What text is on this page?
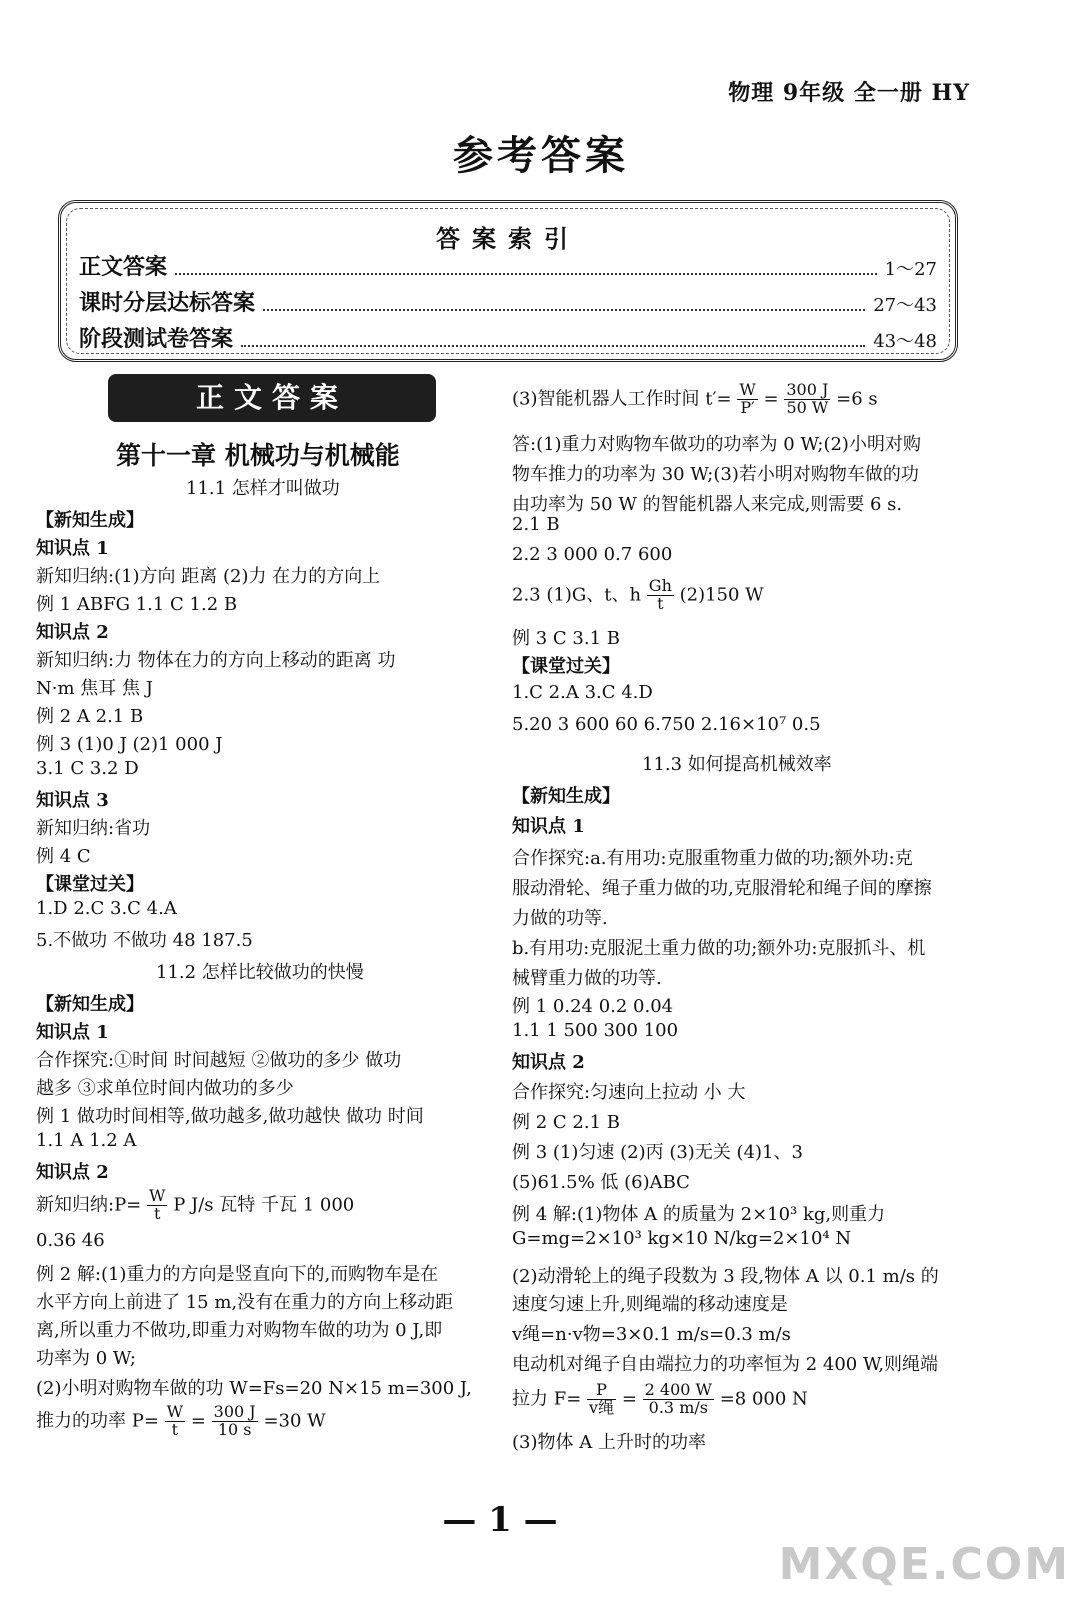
物理 9年级 全一册 HY
参考答案
答案索引
正文答案	1～27
课时分层达标答案	27～43
阶段测试卷答案	43～48
正文答案
第十一章 机械功与机械能
11.1 怎样才叫做功
【新知生成】
知识点 1
新知归纳:(1)方向 距离 (2)力 在力的方向上
例 1 ABFG 1.1 C 1.2 B
知识点 2
新知归纳:力 物体在力的方向上移动的距离 功
N·m 焦耳 焦 J
例 2 A 2.1 B
例 3 (1)0 J (2)1 000 J
3.1 C 3.2 D
知识点 3
新知归纳:省功
例 4 C
【课堂过关】
1.D 2.C 3.C 4.A
5.不做功 不做功 48 187.5
11.2 怎样比较做功的快慢
【新知生成】
知识点 1
合作探究:①时间 时间越短 ②做功的多少 做功
越多 ③求单位时间内做功的多少
例 1 做功时间相等,做功越多,做功越快 做功 时间
1.1 A 1.2 A
知识点 2
新知归纳:P= $\frac{W}{t}$ P J/s 瓦特 千瓦 1 000
0.36 46
例 2 解:(1)重力的方向是竖直向下的,而购物车是在
水平方向上前进了 15 m,没有在重力的方向上移动距
离,所以重力不做功,即重力对购物车做的功为 0 J,即
功率为 0 W;
(2)小明对购物车做的功 W=Fs=20 N×15 m=300 J,
推力的功率 $P= \frac{W}{t} = \frac{300 J}{10 s} =30$ W
(3)智能机器人工作时间 $t'= \frac{W}{P'} = \frac{300 J}{50 W} =6$ s
答:(1)重力对购物车做功的功率为 0 W;(2)小明对购
物车推力的功率为 30 W;(3)若小明对购物车做的功
由功率为 50 W 的智能机器人来完成,则需要 6 s.
2.1 B
2.2 3 000 0.7 600
2.3 (1)G、t、h $\frac{Gh}{t} (2)150$ W
例 3 C 3.1 B
【课堂过关】
1.C 2.A 3.C 4.D
5.20 3 600 60 6.750 2.16×10⁷ 0.5
11.3 如何提高机械效率
【新知生成】
知识点 1
合作探究:a.有用功:克服重物重力做的功;额外功:克
服动滑轮、绳子重力做的功,克服滑轮和绳子间的摩擦
力做的功等.
b.有用功:克服泥土重力做的功;额外功:克服抓斗、机
械臂重力做的功等.
例 1 0.24 0.2 0.04
1.1 1 500 300 100
知识点 2
合作探究:匀速向上拉动 小 大
例 2 C 2.1 B
例 3 (1)匀速 (2)丙 (3)无关 (4)1、3
(5)61.5% 低 (6)ABC
例 4 解:(1)物体 A 的质量为 2×10³ kg,则重力
G=mg=2×10³ kg×10 N/kg=2×10⁴ N
(2)动滑轮上的绳子段数为 3 段,物体 A 以 0.1 m/s 的
速度匀速上升,则绳端的移动速度是
v绳=n·v物=3×0.1 m/s=0.3 m/s
电动机对绳子自由端拉力的功率恒为 2 400 W,则绳端
拉力 $F= \frac{P}{\text{v绳}} = \frac{2 400 W}{0.3 m/s} =8$ 000 N
(3)物体 A 上升时的功率
— 1 —
MXQE.COM
